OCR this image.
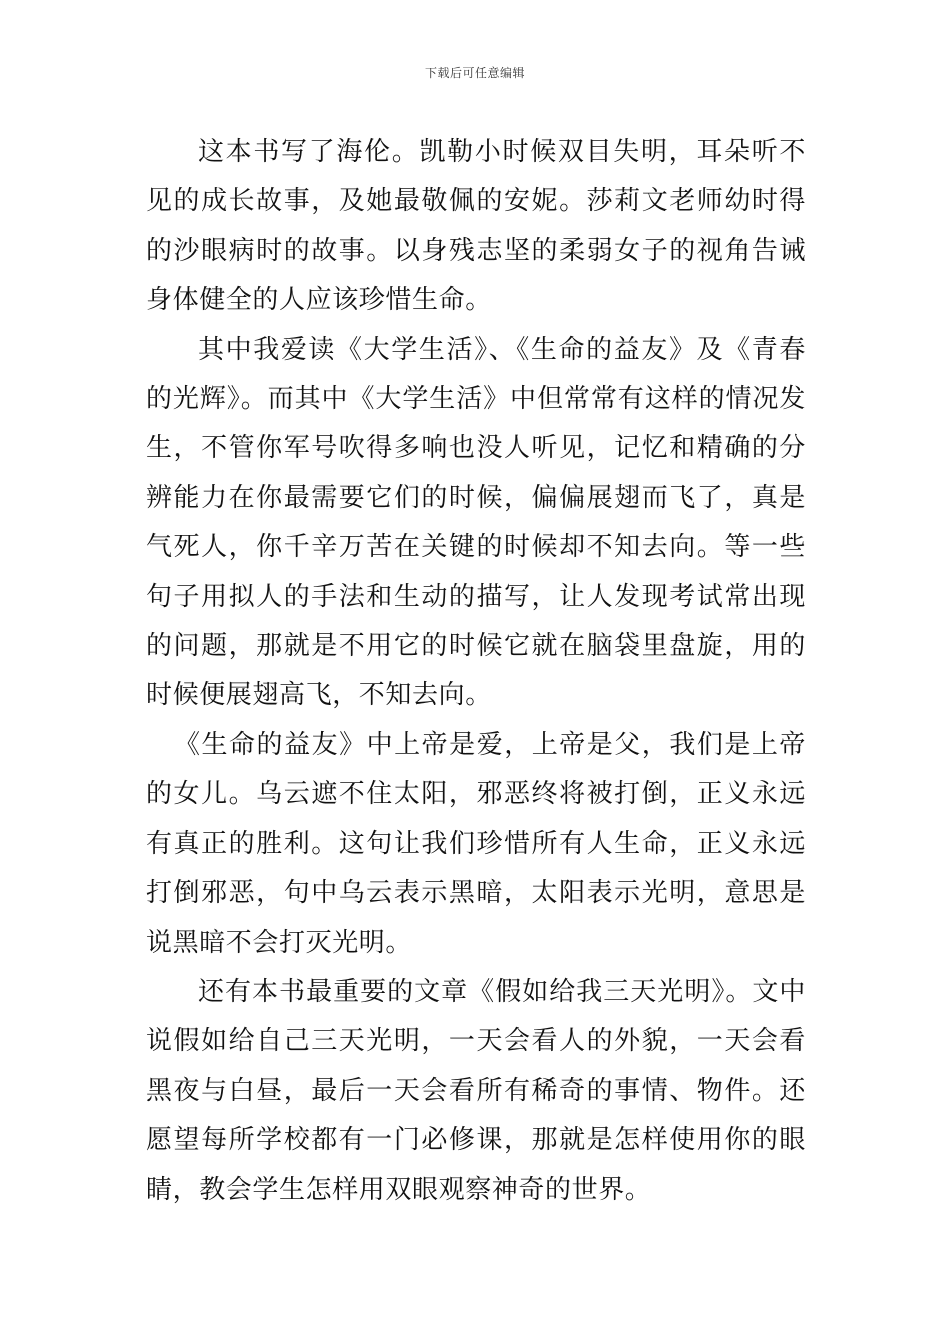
下载后可任意编辑

这本书写了海伦。凯勒小时候双目失明，耳朵听不见的成长故事，及她最敬佩的安妮。莎莉文老师幼时得的沙眼病时的故事。以身残志坚的柔弱女子的视角告诫身体健全的人应该珍惜生命。

其中我爱读《大学生活》、《生命的益友》及《青春的光辉》。而其中《大学生活》中但常常有这样的情况发生，不管你军号吹得多响也没人听见，记忆和精确的分辨能力在你最需要它们的时候，偏偏展翅而飞了，真是气死人，你千辛万苦在关键的时候却不知去向。等一些句子用拟人的手法和生动的描写，让人发现考试常出现的问题，那就是不用它的时候它就在脑袋里盘旋，用的时候便展翅高飞，不知去向。

《生命的益友》中上帝是爱，上帝是父，我们是上帝的女儿。乌云遮不住太阳，邪恶终将被打倒，正义永远有真正的胜利。这句让我们珍惜所有人生命，正义永远打倒邪恶，句中乌云表示黑暗，太阳表示光明，意思是说黑暗不会打灭光明。

还有本书最重要的文章《假如给我三天光明》。文中说假如给自己三天光明，一天会看人的外貌，一天会看黑夜与白昼，最后一天会看所有稀奇的事情、物件。还愿望每所学校都有一门必修课，那就是怎样使用你的眼睛，教会学生怎样用双眼观察神奇的世界。
